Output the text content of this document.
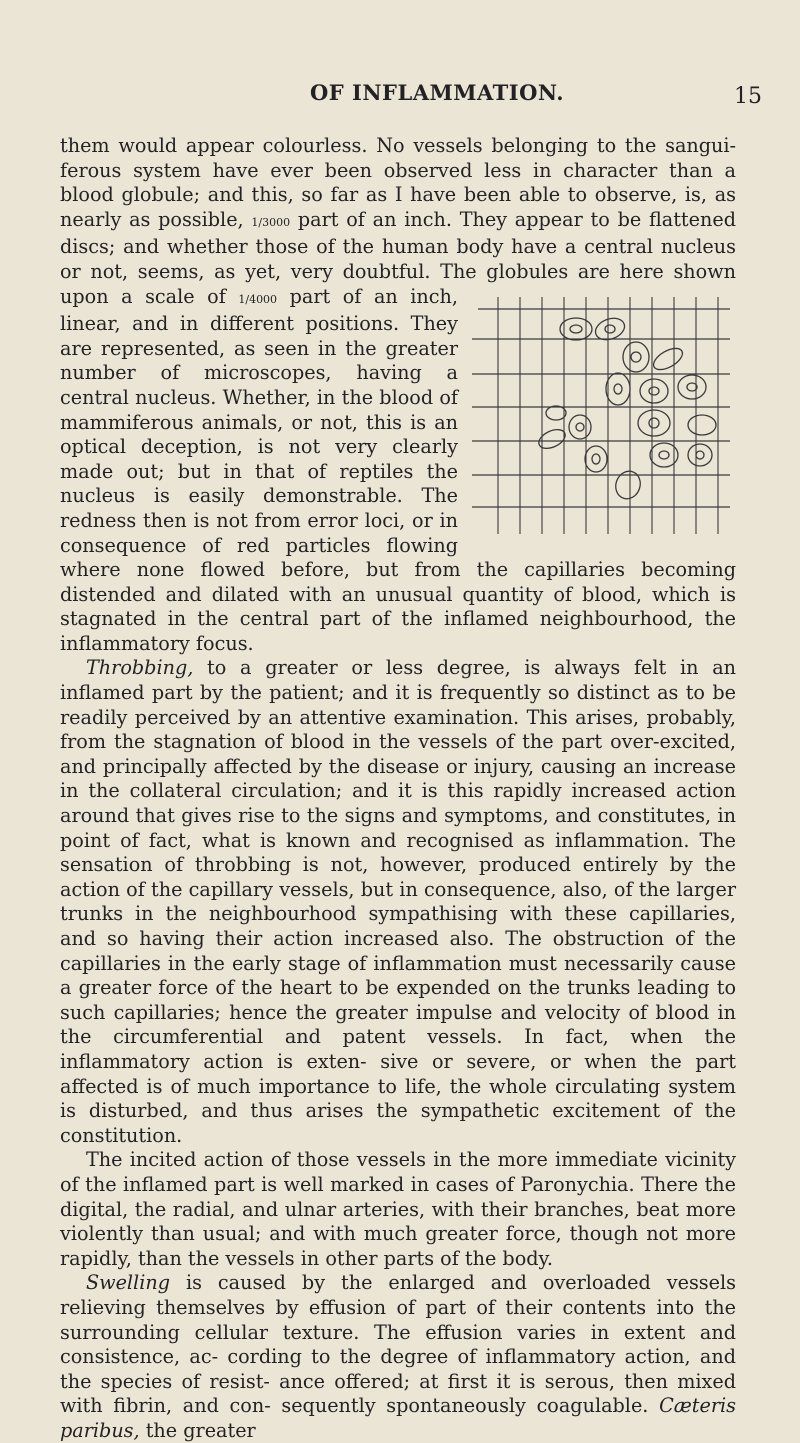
OF INFLAMMATION.	15

them would appear colourless. No vessels belonging to the sangui- ferous system have ever been observed less in character than a blood globule; and this, so far as I have been able to observe, is, as nearly as possible, 1/3000 part of an inch. They appear to be flattened discs; and whether those of the human body have a central nucleus or not, seems, as yet, very doubtful. The globules are here shown upon a scale of
1/4000 part of an inch, linear, and in different positions. They are represented, as seen in the greater number of microscopes, having a central nucleus. Whether, in the blood of mammiferous animals, or not, this is an optical deception, is not very clearly made out; but in that of reptiles the nucleus is easily demonstrable. The redness then is not from error loci, or in consequence of red particles flowing where none flowed before, but from the capillaries becoming distended and dilated with an unusual quantity of blood, which is stagnated in the central part of the inflamed neighbourhood, the inflammatory focus.

Throbbing, to a greater or less degree, is always felt in an inflamed part by the patient; and it is frequently so distinct as to be readily perceived by an attentive examination. This arises, probably, from the stagnation of blood in the vessels of the part over-excited, and principally affected by the disease or injury, causing an increase in the collateral circulation; and it is this rapidly increased action around that gives rise to the signs and symptoms, and constitutes, in point of fact, what is known and recognised as inflammation. The sensation of throbbing is not, however, produced entirely by the action of the capillary vessels, but in consequence, also, of the larger trunks in the neighbourhood sympathising with these capillaries, and so having their action increased also. The obstruction of the capillaries in the early stage of inflammation must necessarily cause a greater force of the heart to be expended on the trunks leading to such capillaries; hence the greater impulse and velocity of blood in the circumferential and patent vessels. In fact, when the inflammatory action is exten- sive or severe, or when the part affected is of much importance to life, the whole circulating system is disturbed, and thus arises the sympathetic excitement of the constitution.

The incited action of those vessels in the more immediate vicinity of the inflamed part is well marked in cases of Paronychia. There the digital, the radial, and ulnar arteries, with their branches, beat more violently than usual; and with much greater force, though not more rapidly, than the vessels in other parts of the body.

Swelling is caused by the enlarged and overloaded vessels relieving themselves by effusion of part of their contents into the surrounding cellular texture. The effusion varies in extent and consistence, ac- cording to the degree of inflammatory action, and the species of resist- ance offered; at first it is serous, then mixed with fibrin, and con- sequently spontaneously coagulable. Cæteris paribus, the greater
